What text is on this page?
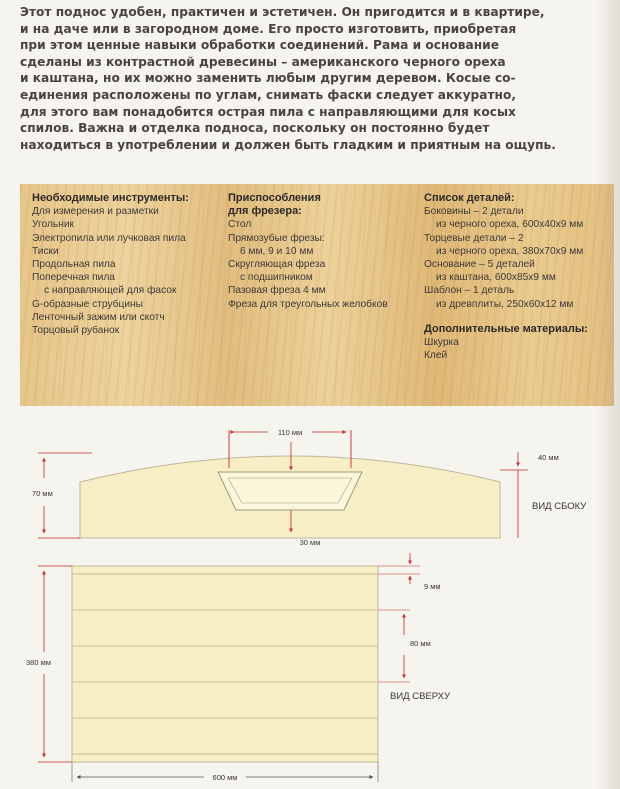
Этот поднос удобен, практичен и эстетичен. Он пригодится и в квартире,
и на даче или в загородном доме. Его просто изготовить, приобретая
при этом ценные навыки обработки соединений. Рама и основание
сделаны из контрастной древесины – американского черного ореха
и каштана, но их можно заменить любым другим деревом. Косые со-
единения расположены по углам, снимать фаски следует аккуратно,
для этого вам понадобится острая пила с направляющими для косых
спилов. Важна и отделка подноса, поскольку он постоянно будет
находиться в употреблении и должен быть гладким и приятным на ощупь.
Необходимые инструменты:
Для измерения и разметки
Угольник
Электропила или лучковая пила
Тиски
Продольная пила
Поперечная пила
с направляющей для фасок
G-образные струбцины
Ленточный зажим или скотч
Торцовый рубанок
Приспособления
для фрезера:
Стол
Прямозубые фрезы:
6 мм, 9 и 10 мм
Скругляющая фреза
с подшипником
Пазовая фреза 4 мм
Фреза для треугольных желобков
Список деталей:
Боковины – 2 детали
из черного ореха, 600х40х9 мм
Торцевые детали – 2
из черного ореха, 380х70х9 мм
Основание – 5 деталей
из каштана, 600х85х9 мм
Шаблон – 1 деталь
из древплиты, 250х60х12 мм
Дополнительные материалы:
Шкурка
Клей
110 мм
70 мм
40 мм
30 мм
ВИД СБОКУ
380 мм
9 мм
80 мм
ВИД СВЕРХУ
600 мм
